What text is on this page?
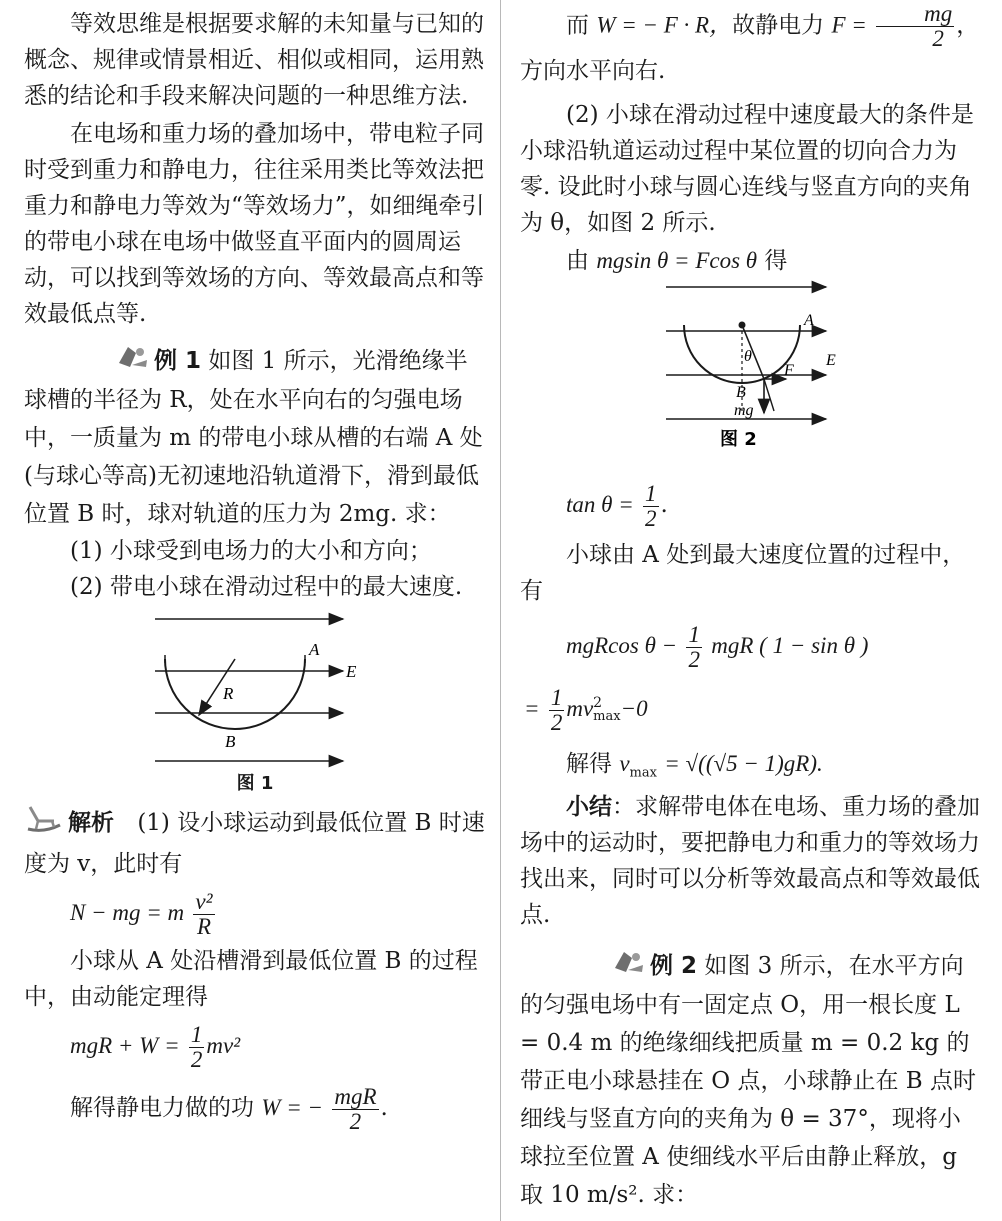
等效思维是根据要求解的未知量与已知的概念、规律或情景相近、相似或相同，运用熟悉的结论和手段来解决问题的一种思维方法.

在电场和重力场的叠加场中，带电粒子同时受到重力和静电力，往往采用类比等效法把重力和静电力等效为“等效场力”，如细绳牵引的带电小球在电场中做竖直平面内的圆周运动，可以找到等效场的方向、等效最高点和等效最低点等.

例 1 如图 1 所示，光滑绝缘半球槽的半径为 R，处在水平向右的匀强电场中，一质量为 m 的带电小球从槽的右端 A 处(与球心等高)无初速地沿轨道滑下，滑到最低位置 B 时，球对轨道的压力为 2mg. 求：

(1) 小球受到电场力的大小和方向；

(2) 带电小球在滑动过程中的最大速度.

A
E
R
B
图 1

解析 (1) 设小球运动到最低位置 B 时速度为 v，此时有

N − mg = m $\frac{\text{v²}}{R}$

小球从 A 处沿槽滑到最低位置 B 的过程中，由动能定理得

mgR + $W = \frac{1}{2} mv^2$
解得静电力做的功 W = − $\frac{\text{mgR}}{2}$ .

而 W = − F · R，故静电力 $F = \frac{mg}{2}$ ，方向水平向右.

(2) 小球在滑动过程中速度最大的条件是小球沿轨道运动过程中某位置的切向合力为零. 设此时小球与圆心连线与竖直方向的夹角为 θ，如图 2 所示.

由 mgsin θ = Fcos θ 得

A
E
θ
F
B
mg
图 2
$\tan \theta = \frac{1}{2}$ .

小球由 A 处到最大速度位置的过程中，有

mgRcos $\theta - \frac{1}{2}$ mgR ( 1 − sin θ )
= $\frac{1}{2}$ mv 2
max −0
解得 $v_{max} = √((√5 - 1)gR)$.

小结：求解带电体在电场、重力场的叠加场中的运动时，要把静电力和重力的等效场力找出来，同时可以分析等效最高点和等效最低点.

例 2 如图 3 所示，在水平方向的匀强电场中有一固定点 O，用一根长度 L = 0.4 m 的绝缘细线把质量 m = 0.2 kg 的带正电小球悬挂在 O 点，小球静止在 B 点时细线与竖直方向的夹角为 θ = 37°，现将小球拉至位置 A 使细线水平后由静止释放，g 取 10 m/s². 求：
